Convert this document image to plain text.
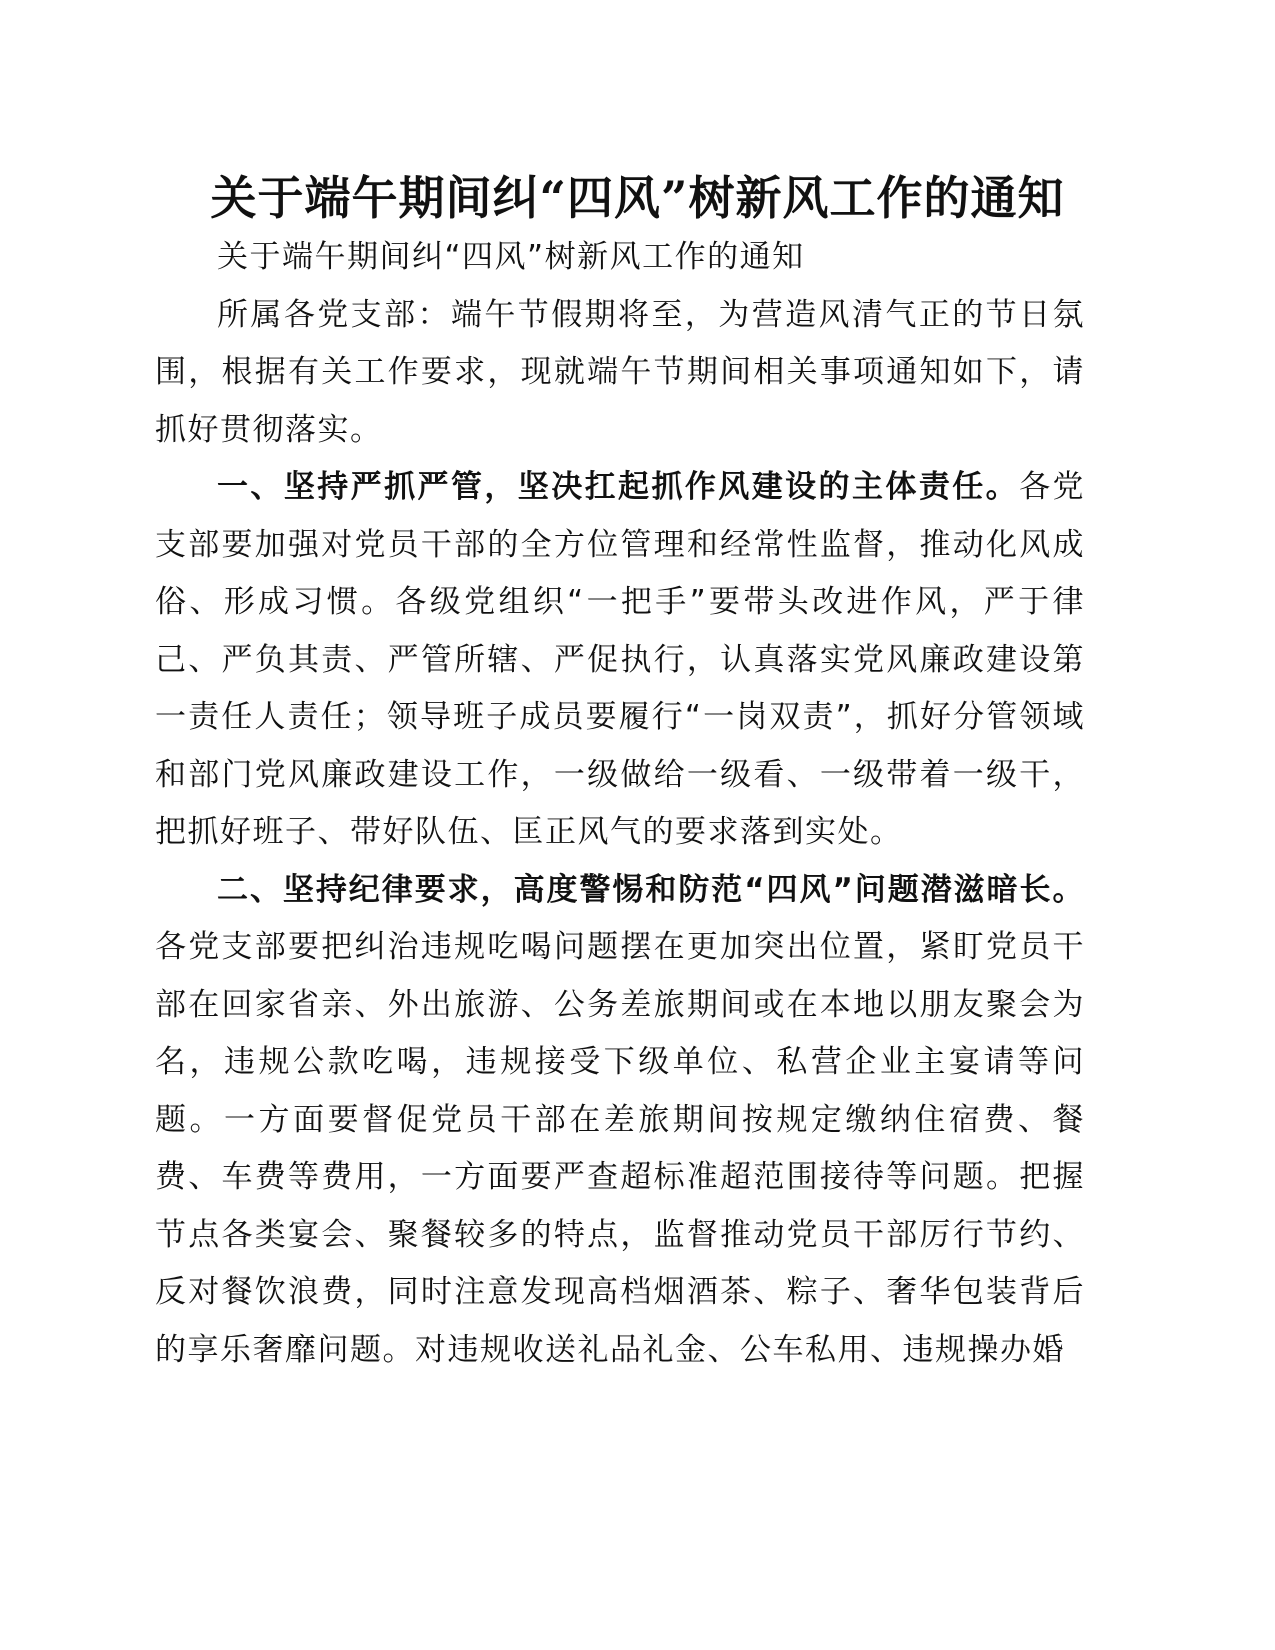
关于端午期间纠“四风”树新风工作的通知

关于端午期间纠“四风”树新风工作的通知

所属各党支部：端午节假期将至，为营造风清气正的节日氛围，根据有关工作要求，现就端午节期间相关事项通知如下，请抓好贯彻落实。

一、坚持严抓严管，坚决扛起抓作风建设的主体责任。各党支部要加强对党员干部的全方位管理和经常性监督，推动化风成俗、形成习惯。各级党组织“一把手”要带头改进作风，严于律己、严负其责、严管所辖、严促执行，认真落实党风廉政建设第一责任人责任；领导班子成员要履行“一岗双责”，抓好分管领域和部门党风廉政建设工作，一级做给一级看、一级带着一级干，把抓好班子、带好队伍、匡正风气的要求落到实处。

二、坚持纪律要求，高度警惕和防范“四风”问题潜滋暗长。各党支部要把纠治违规吃喝问题摆在更加突出位置，紧盯党员干部在回家省亲、外出旅游、公务差旅期间或在本地以朋友聚会为名，违规公款吃喝，违规接受下级单位、私营企业主宴请等问题。一方面要督促党员干部在差旅期间按规定缴纳住宿费、餐费、车费等费用，一方面要严查超标准超范围接待等问题。把握节点各类宴会、聚餐较多的特点，监督推动党员干部厉行节约、反对餐饮浪费，同时注意发现高档烟酒茶、粽子、奢华包装背后的享乐奢靡问题。对违规收送礼品礼金、公车私用、违规操办婚
